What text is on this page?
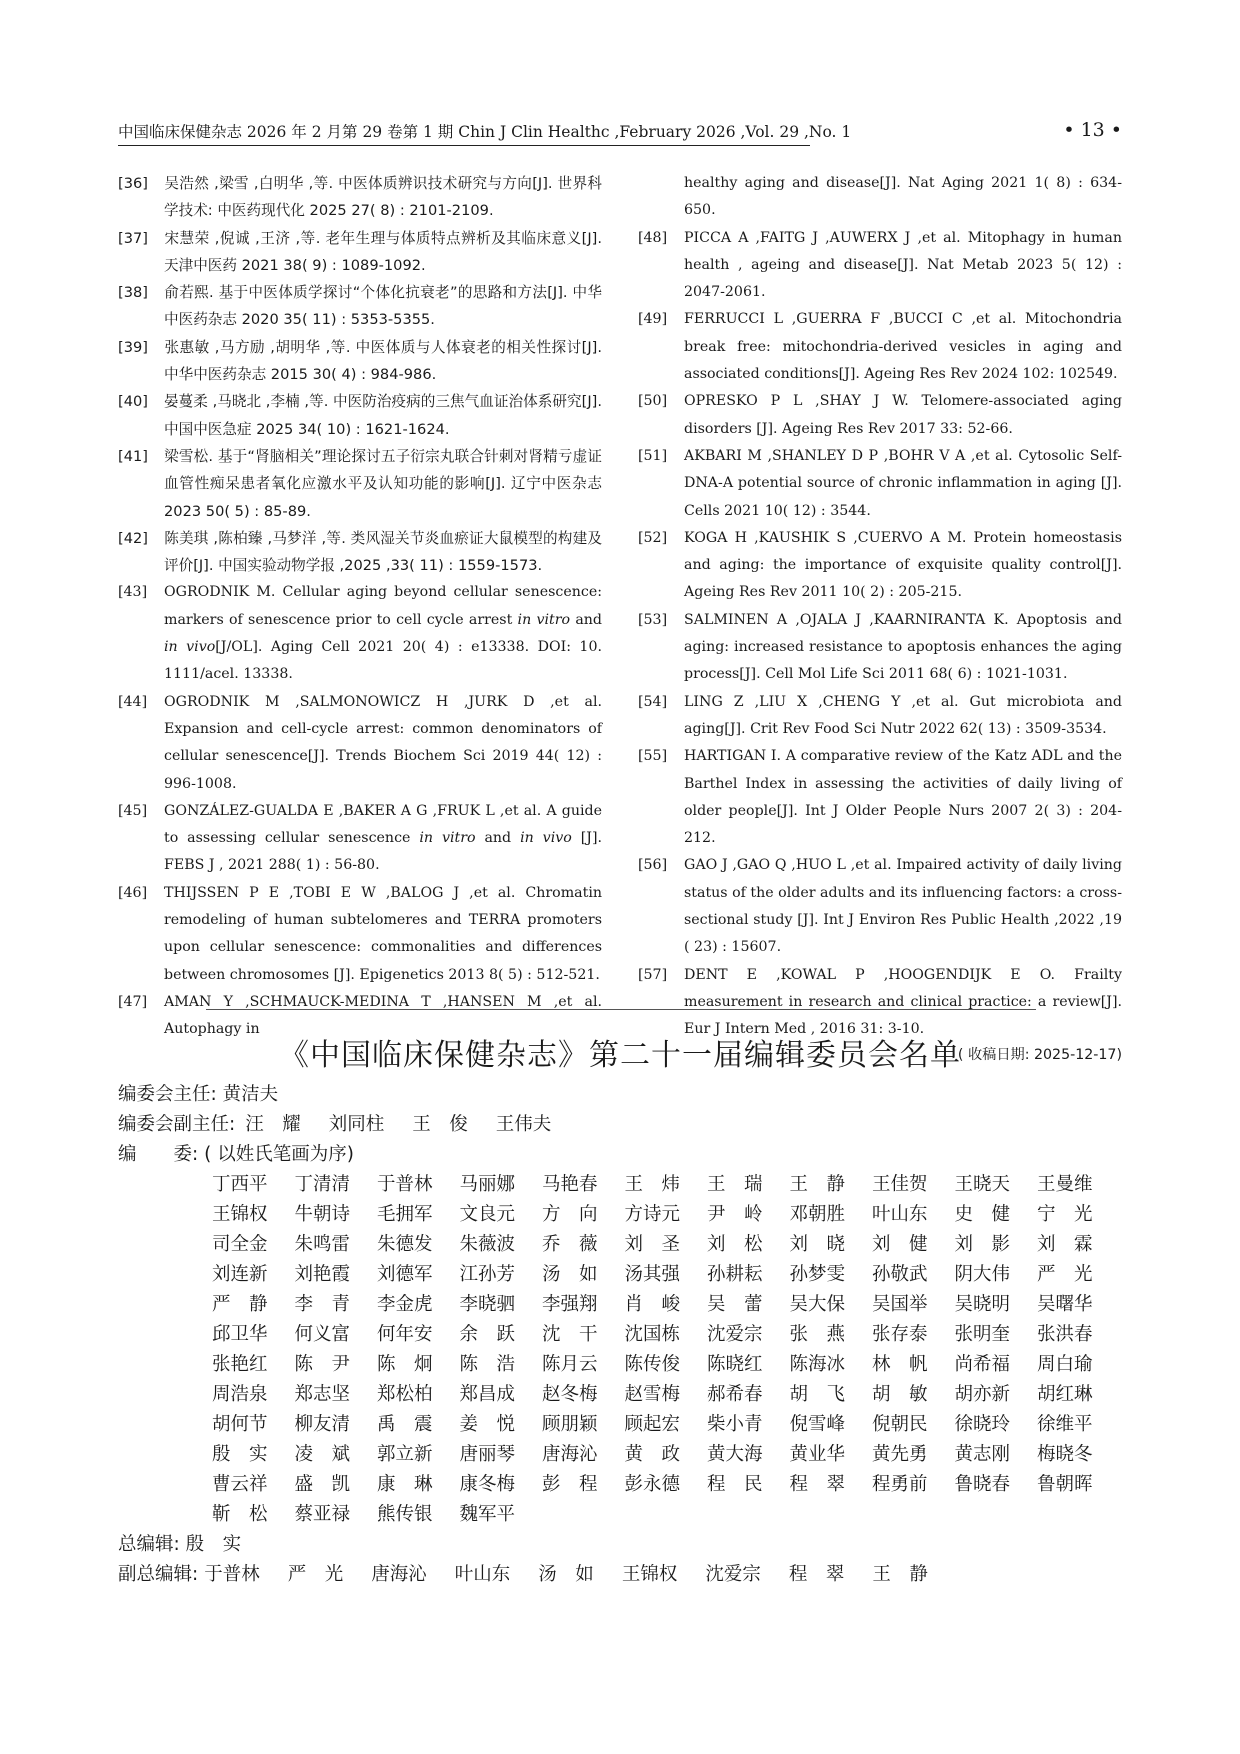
中国临床保健杂志 2026 年 2 月第 29 卷第 1 期 Chin J Clin Healthc ,February 2026 ,Vol. 29 ,No. 1	• 13 •
[36] 吴浩然 ,梁雪 ,白明华 ,等. 中医体质辨识技术研究与方向[J]. 世界科学技术: 中医药现代化 2025 27( 8) : 2101-2109.
[37] 宋慧荣 ,倪诚 ,王济 ,等. 老年生理与体质特点辨析及其临床意义[J]. 天津中医药 2021 38( 9) : 1089-1092.
[38] 俞若熙. 基于中医体质学探讨“个体化抗衰老”的思路和方法[J]. 中华中医药杂志 2020 35( 11) : 5353-5355.
[39] 张惠敏 ,马方励 ,胡明华 ,等. 中医体质与人体衰老的相关性探讨[J]. 中华中医药杂志 2015 30( 4) : 984-986.
[40] 晏蔓柔 ,马晓北 ,李楠 ,等. 中医防治疫病的三焦气血证治体系研究[J]. 中国中医急症 2025 34( 10) : 1621-1624.
[41] 梁雪松. 基于“肾脑相关”理论探讨五子衍宗丸联合针刺对肾精亏虚证血管性痴呆患者氧化应激水平及认知功能的影响[J]. 辽宁中医杂志 2023 50( 5) : 85-89.
[42] 陈美琪 ,陈柏臻 ,马梦洋 ,等. 类风湿关节炎血瘀证大鼠模型的构建及评价[J]. 中国实验动物学报 ,2025 ,33( 11) : 1559-1573.
[43] OGRODNIK M. Cellular aging beyond cellular senescence: markers of senescence prior to cell cycle arrest in vitro and in vivo[J/OL]. Aging Cell 2021 20( 4) : e13338. DOI: 10. 1111/acel. 13338.
[44] OGRODNIK M ,SALMONOWICZ H ,JURK D ,et al. Expansion and cell-cycle arrest: common denominators of cellular senescence[J]. Trends Biochem Sci 2019 44( 12) : 996-1008.
[45] GONZÁLEZ-GUALDA E ,BAKER A G ,FRUK L ,et al. A guide to assessing cellular senescence in vitro and in vivo [J]. FEBS J , 2021 288( 1) : 56-80.
[46] THIJSSEN P E ,TOBI E W ,BALOG J ,et al. Chromatin remodeling of human subtelomeres and TERRA promoters upon cellular senescence: commonalities and differences between chromosomes [J]. Epigenetics 2013 8( 5) : 512-521.
[47] AMAN Y ,SCHMAUCK-MEDINA T ,HANSEN M ,et al. Autophagy in
healthy aging and disease[J]. Nat Aging 2021 1( 8) : 634-650.
[48] PICCA A ,FAITG J ,AUWERX J ,et al. Mitophagy in human health , ageing and disease[J]. Nat Metab 2023 5( 12) : 2047-2061.
[49] FERRUCCI L ,GUERRA F ,BUCCI C ,et al. Mitochondria break free: mitochondria-derived vesicles in aging and associated conditions[J]. Ageing Res Rev 2024 102: 102549.
[50] OPRESKO P L ,SHAY J W. Telomere-associated aging disorders [J]. Ageing Res Rev 2017 33: 52-66.
[51] AKBARI M ,SHANLEY D P ,BOHR V A ,et al. Cytosolic Self-DNA-A potential source of chronic inflammation in aging [J]. Cells 2021 10( 12) : 3544.
[52] KOGA H ,KAUSHIK S ,CUERVO A M. Protein homeostasis and aging: the importance of exquisite quality control[J]. Ageing Res Rev 2011 10( 2) : 205-215.
[53] SALMINEN A ,OJALA J ,KAARNIRANTA K. Apoptosis and aging: increased resistance to apoptosis enhances the aging process[J]. Cell Mol Life Sci 2011 68( 6) : 1021-1031.
[54] LING Z ,LIU X ,CHENG Y ,et al. Gut microbiota and aging[J]. Crit Rev Food Sci Nutr 2022 62( 13) : 3509-3534.
[55] HARTIGAN I. A comparative review of the Katz ADL and the Barthel Index in assessing the activities of daily living of older people[J]. Int J Older People Nurs 2007 2( 3) : 204-212.
[56] GAO J ,GAO Q ,HUO L ,et al. Impaired activity of daily living status of the older adults and its influencing factors: a cross-sectional study [J]. Int J Environ Res Public Health ,2022 ,19 ( 23) : 15607.
[57] DENT E ,KOWAL P ,HOOGENDIJK E O. Frailty measurement in research and clinical practice: a review[J]. Eur J Intern Med , 2016 31: 3-10.
( 收稿日期: 2025-12-17)
《中国临床保健杂志》第二十一届编辑委员会名单
编委会主任: 黄洁夫
编委会副主任: 汪　耀 刘同柱 王　俊 王伟夫
编　　委: ( 以姓氏笔画为序)
丁西平	丁清清	于普林	马丽娜	马艳春	王　炜	王　瑞	王　静	王佳贺	王晓天	王曼维
王锦权	牛朝诗	毛拥军	文良元	方　向	方诗元	尹　岭	邓朝胜	叶山东	史　健	宁　光
司全金	朱鸣雷	朱德发	朱薇波	乔　薇	刘　圣	刘　松	刘　晓	刘　健	刘　影	刘　霖
刘连新	刘艳霞	刘德军	江孙芳	汤　如	汤其强	孙耕耘	孙梦雯	孙敬武	阴大伟	严　光
严　静	李　青	李金虎	李晓驷	李强翔	肖　峻	吴　蕾	吴大保	吴国举	吴晓明	吴曙华
邱卫华	何义富	何年安	余　跃	沈　干	沈国栋	沈爱宗	张　燕	张存泰	张明奎	张洪春
张艳红	陈　尹	陈　炯	陈　浩	陈月云	陈传俊	陈晓红	陈海冰	林　帆	尚希福	周白瑜
周浩泉	郑志坚	郑松柏	郑昌成	赵冬梅	赵雪梅	郝希春	胡　飞	胡　敏	胡亦新	胡红琳
胡何节	柳友清	禹　震	姜　悦	顾朋颖	顾起宏	柴小青	倪雪峰	倪朝民	徐晓玲	徐维平
殷　实	凌　斌	郭立新	唐丽琴	唐海沁	黄　政	黄大海	黄业华	黄先勇	黄志刚	梅晓冬
曹云祥	盛　凯	康　琳	康冬梅	彭　程	彭永德	程　民	程　翠	程勇前	鲁晓春	鲁朝晖
靳　松	蔡亚禄	熊传银	魏军平
总编辑: 殷　实
副总编辑: 于普林 严　光 唐海沁 叶山东 汤　如 王锦权 沈爱宗 程　翠 王　静
